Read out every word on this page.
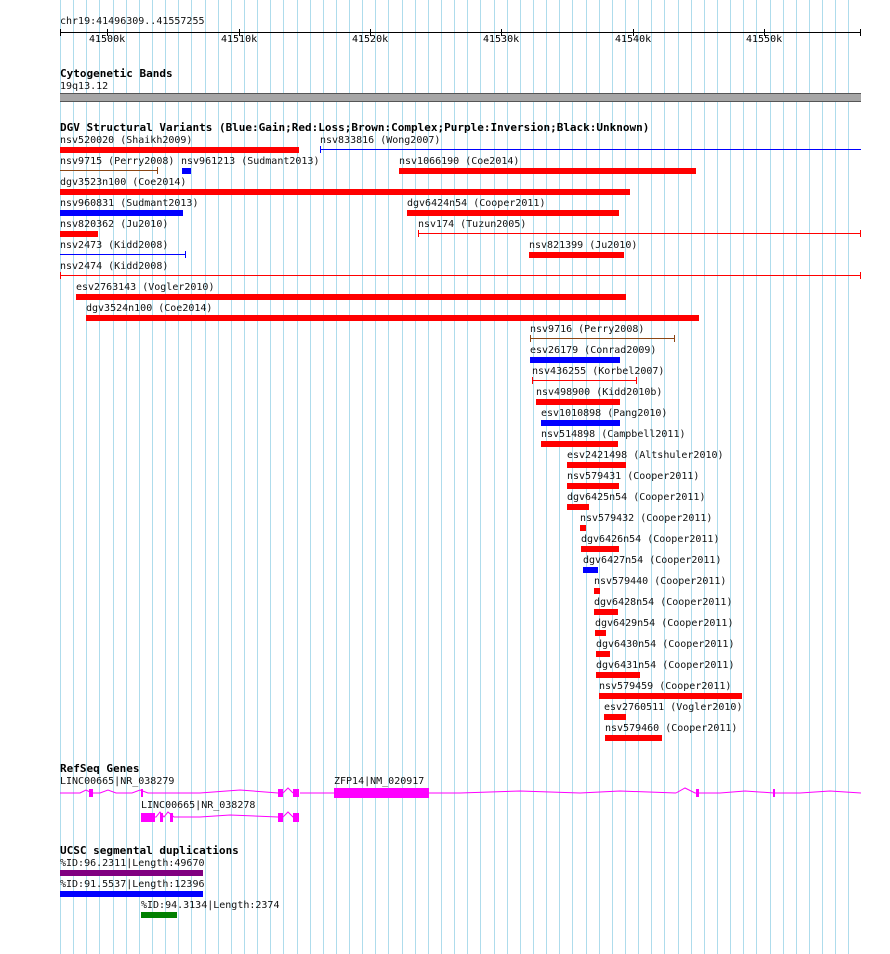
chr19:41496309..41557255
41500k	41510k	41520k	41530k	41540k	41550k
Cytogenetic Bands
19q13.12
DGV Structural Variants (Blue:Gain;Red:Loss;Brown:Complex;Purple:Inversion;Black:Unknown)
nsv520020 (Shaikh2009)	nsv833816 (Wong2007)
nsv9715 (Perry2008) nsv961213 (Sudmant2013)	nsv1066190 (Coe2014)
dgv3523n100 (Coe2014)
nsv960831 (Sudmant2013)	dgv6424n54 (Cooper2011)
nsv820362 (Ju2010)	nsv174 (Tuzun2005)
nsv2473 (Kidd2008)	nsv821399 (Ju2010)
nsv2474 (Kidd2008)
esv2763143 (Vogler2010)
dgv3524n100 (Coe2014)
nsv9716 (Perry2008)
esv26179 (Conrad2009)
nsv436255 (Korbel2007)
nsv498900 (Kidd2010b)
esv1010898 (Pang2010)
nsv514898 (Campbell2011)
esv2421498 (Altshuler2010)
nsv579431 (Cooper2011)
dgv6425n54 (Cooper2011)
nsv579432 (Cooper2011)
dgv6426n54 (Cooper2011)
dgv6427n54 (Cooper2011)
nsv579440 (Cooper2011)
dgv6428n54 (Cooper2011)
dgv6429n54 (Cooper2011)
dgv6430n54 (Cooper2011)
dgv6431n54 (Cooper2011)
nsv579459 (Cooper2011)
esv2760511 (Vogler2010)
nsv579460 (Cooper2011)
RefSeq Genes
LINC00665|NR_038279	ZFP14|NM_020917
LINC00665|NR_038278
UCSC segmental duplications
%ID:96.2311|Length:49670
%ID:91.5537|Length:12396
%ID:94.3134|Length:2374
